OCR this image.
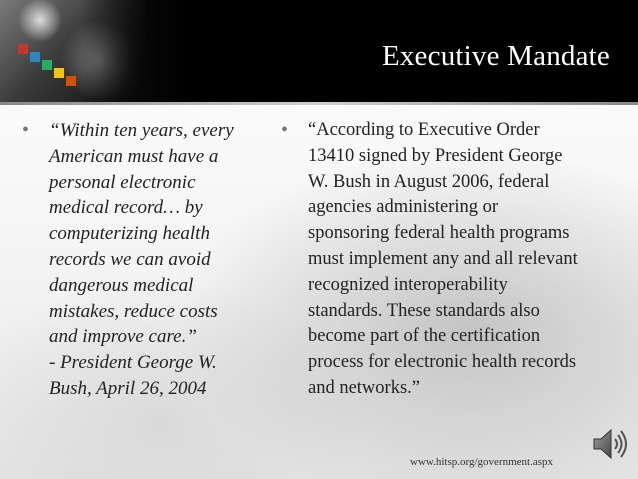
Executive Mandate
• “Within ten years, every
American must have a
personal electronic
medical record… by
computerizing health
records we can avoid
dangerous medical
mistakes, reduce costs
and improve care.”
- President George W.
Bush, April 26, 2004
• “According to Executive Order
13410 signed by President George
W. Bush in August 2006, federal
agencies administering or
sponsoring federal health programs
must implement any and all relevant
recognized interoperability
standards. These standards also
become part of the certification
process for electronic health records
and networks.”
www.hitsp.org/government.aspx
